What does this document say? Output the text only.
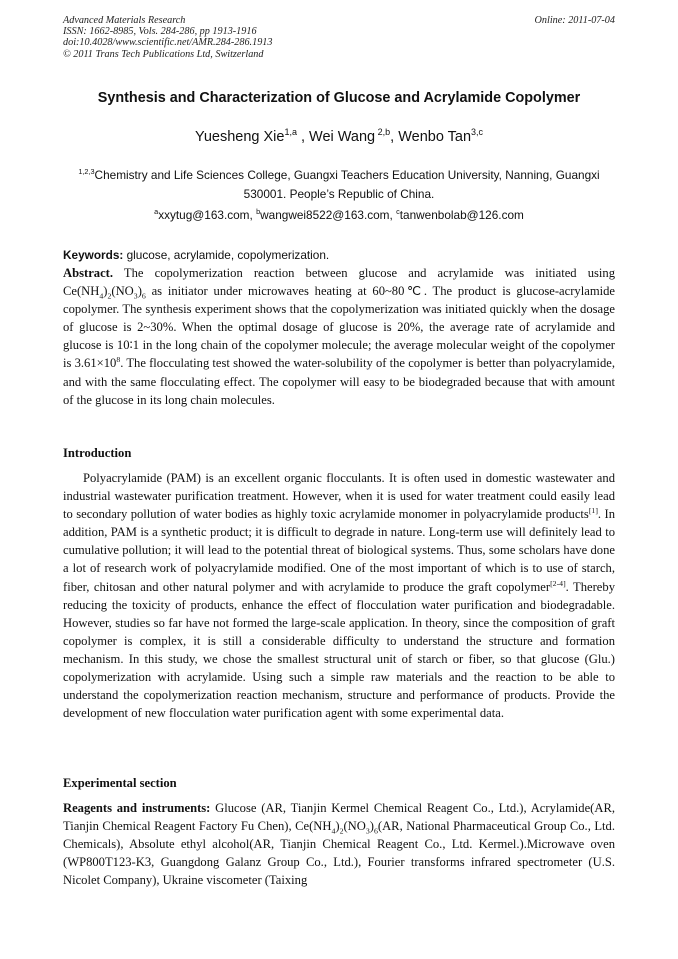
Advanced Materials Research
ISSN: 1662-8985, Vols. 284-286, pp 1913-1916
doi:10.4028/www.scientific.net/AMR.284-286.1913
© 2011 Trans Tech Publications Ltd, Switzerland
Online: 2011-07-04
Synthesis and Characterization of Glucose and Acrylamide Copolymer
Yuesheng Xie$^{1,a}$ , Wei Wang $^{2,b}$, Wenbo Tan$^{3,c}$
$^{1,2,3}$Chemistry and Life Sciences College, Guangxi Teachers Education University, Nanning, Guangxi 530001. People’s Republic of China.
$^a$xxytug@163.com, $^b$wangwei8522@163.com, $^c$tanwenbolab@126.com
Keywords: glucose, acrylamide, copolymerization.
Abstract. The copolymerization reaction between glucose and acrylamide was initiated using $Ce(NH_4)_2(NO_3)_6$ as initiator under microwaves heating at 60~80℃. The product is glucose-acrylamide copolymer. The synthesis experiment shows that the copolymerization was initiated quickly when the dosage of glucose is 2~30%. When the optimal dosage of glucose is 20%, the average rate of acrylamide and glucose is 10∶1 in the long chain of the copolymer molecule; the average molecular weight of the copolymer is $3.61\times 10^8$. The flocculating test showed the water-solubility of the copolymer is better than polyacrylamide, and with the same flocculating effect. The copolymer will easy to be biodegraded because that with amount of the glucose in its long chain molecules.
Introduction
Polyacrylamide (PAM) is an excellent organic flocculants. It is often used in domestic wastewater and industrial wastewater purification treatment. However, when it is used for water treatment could easily lead to secondary pollution of water bodies as highly toxic acrylamide monomer in polyacrylamide products[1]. In addition, PAM is a synthetic product; it is difficult to degrade in nature. Long-term use will definitely lead to cumulative pollution; it will lead to the potential threat of biological systems. Thus, some scholars have done a lot of research work of polyacrylamide modified. One of the most important of which is to use of starch, fiber, chitosan and other natural polymer and with acrylamide to produce the graft copolymer[2-4]. Thereby reducing the toxicity of products, enhance the effect of flocculation water purification and biodegradable. However, studies so far have not formed the large-scale application. In theory, since the composition of graft copolymer is complex, it is still a considerable difficulty to understand the structure and formation mechanism. In this study, we chose the smallest structural unit of starch or fiber, so that glucose (Glu.) copolymerization with acrylamide. Using such a simple raw materials and the reaction to be able to understand the copolymerization reaction mechanism, structure and performance of products. Provide the development of new flocculation water purification agent with some experimental data.
Experimental section
Reagents and instruments: Glucose (AR, Tianjin Kermel Chemical Reagent Co., Ltd.), Acrylamide(AR, Tianjin Chemical Reagent Factory Fu Chen), $Ce(NH_4)_2(NO_3)_6(AR$, National Pharmaceutical Group Co., Ltd. Chemicals), Absolute ethyl alcohol(AR, Tianjin Chemical Reagent Co., Ltd. Kermel.).Microwave oven (WP800T123-K3, Guangdong Galanz Group Co., Ltd.), Fourier transforms infrared spectrometer (U.S. Nicolet Company), Ukraine viscometer (Taixing
